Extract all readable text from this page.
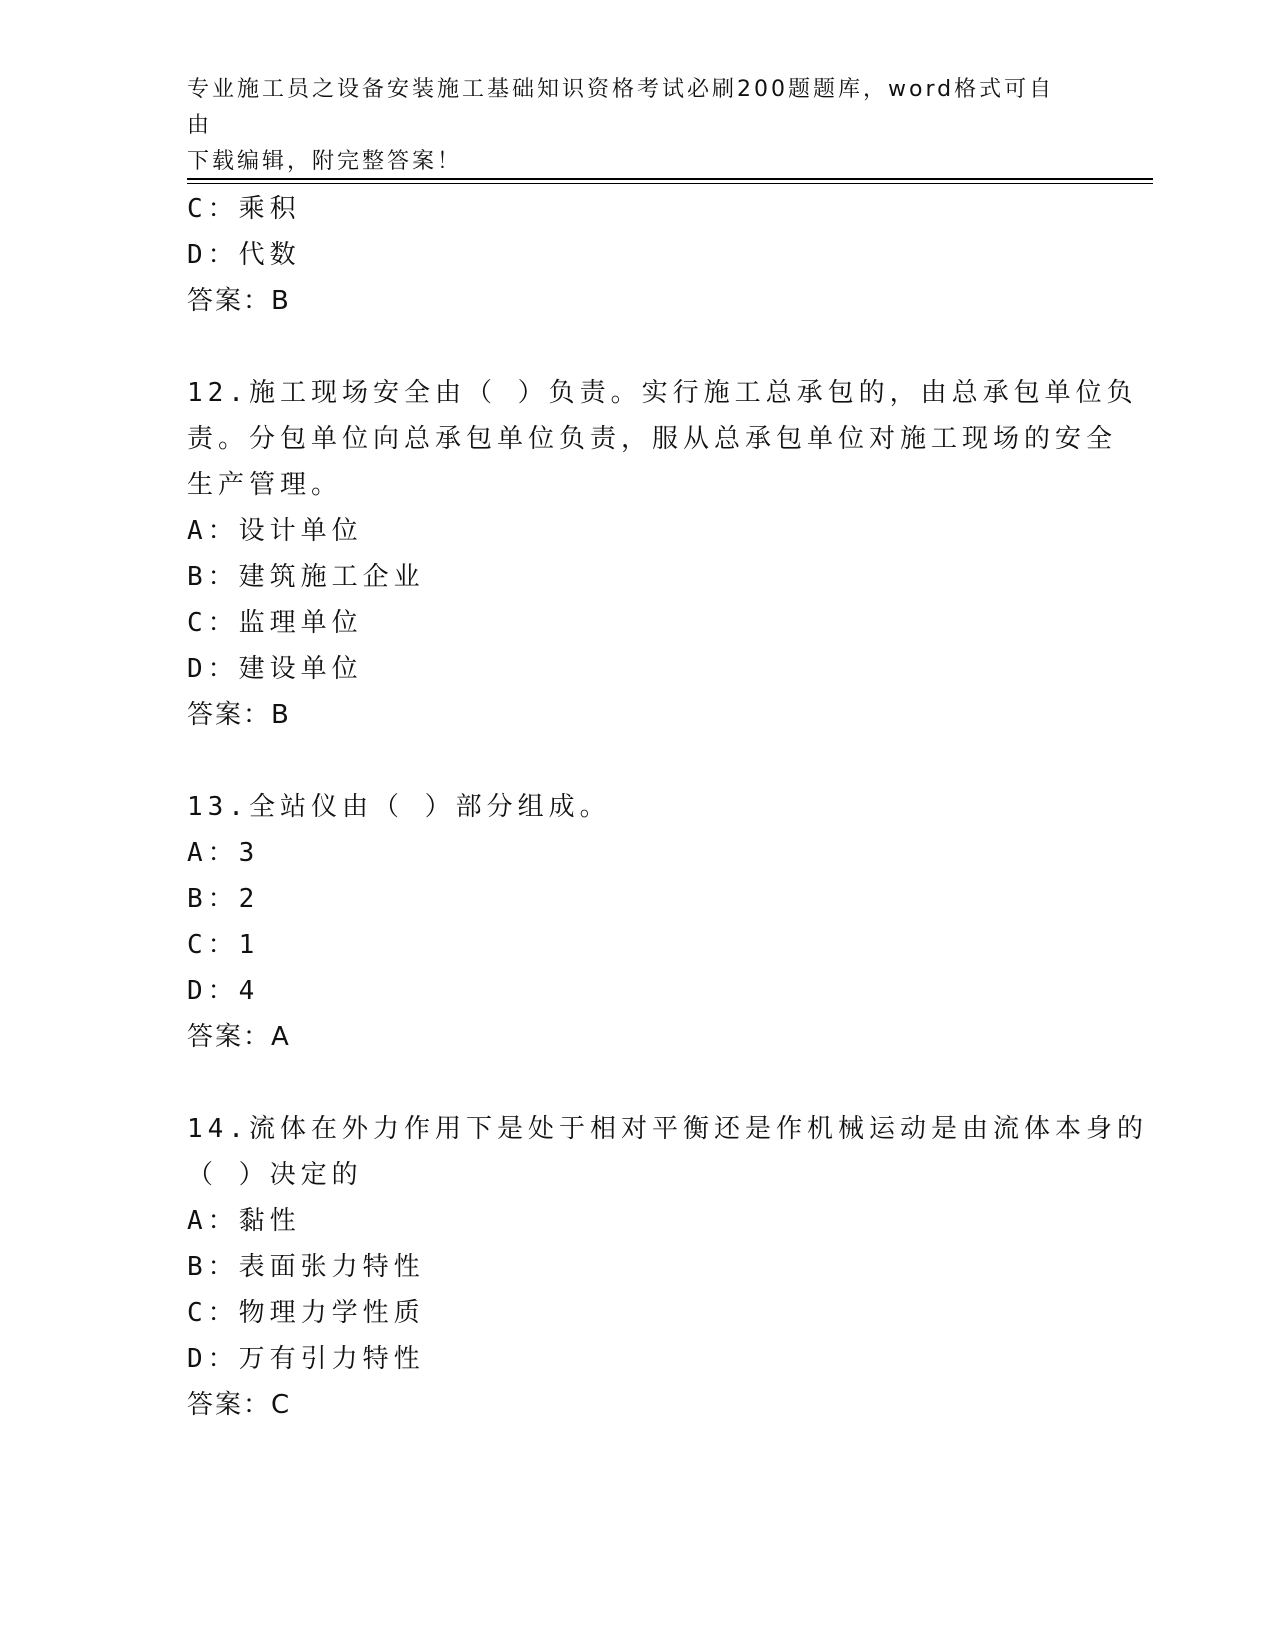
专业施工员之设备安装施工基础知识资格考试必刷200题题库，word格式可自由
下载编辑，附完整答案！
C：乘积
D：代数
答案：B
12.施工现场安全由（ ）负责。实行施工总承包的，由总承包单位负
责。分包单位向总承包单位负责，服从总承包单位对施工现场的安全
生产管理。
A：设计单位
B：建筑施工企业
C：监理单位
D：建设单位
答案：B
13.全站仪由（ ）部分组成。
A：3
B：2
C：1
D：4
答案：A
14.流体在外力作用下是处于相对平衡还是作机械运动是由流体本身的
（ ）决定的
A：黏性
B：表面张力特性
C：物理力学性质
D：万有引力特性
答案：C
